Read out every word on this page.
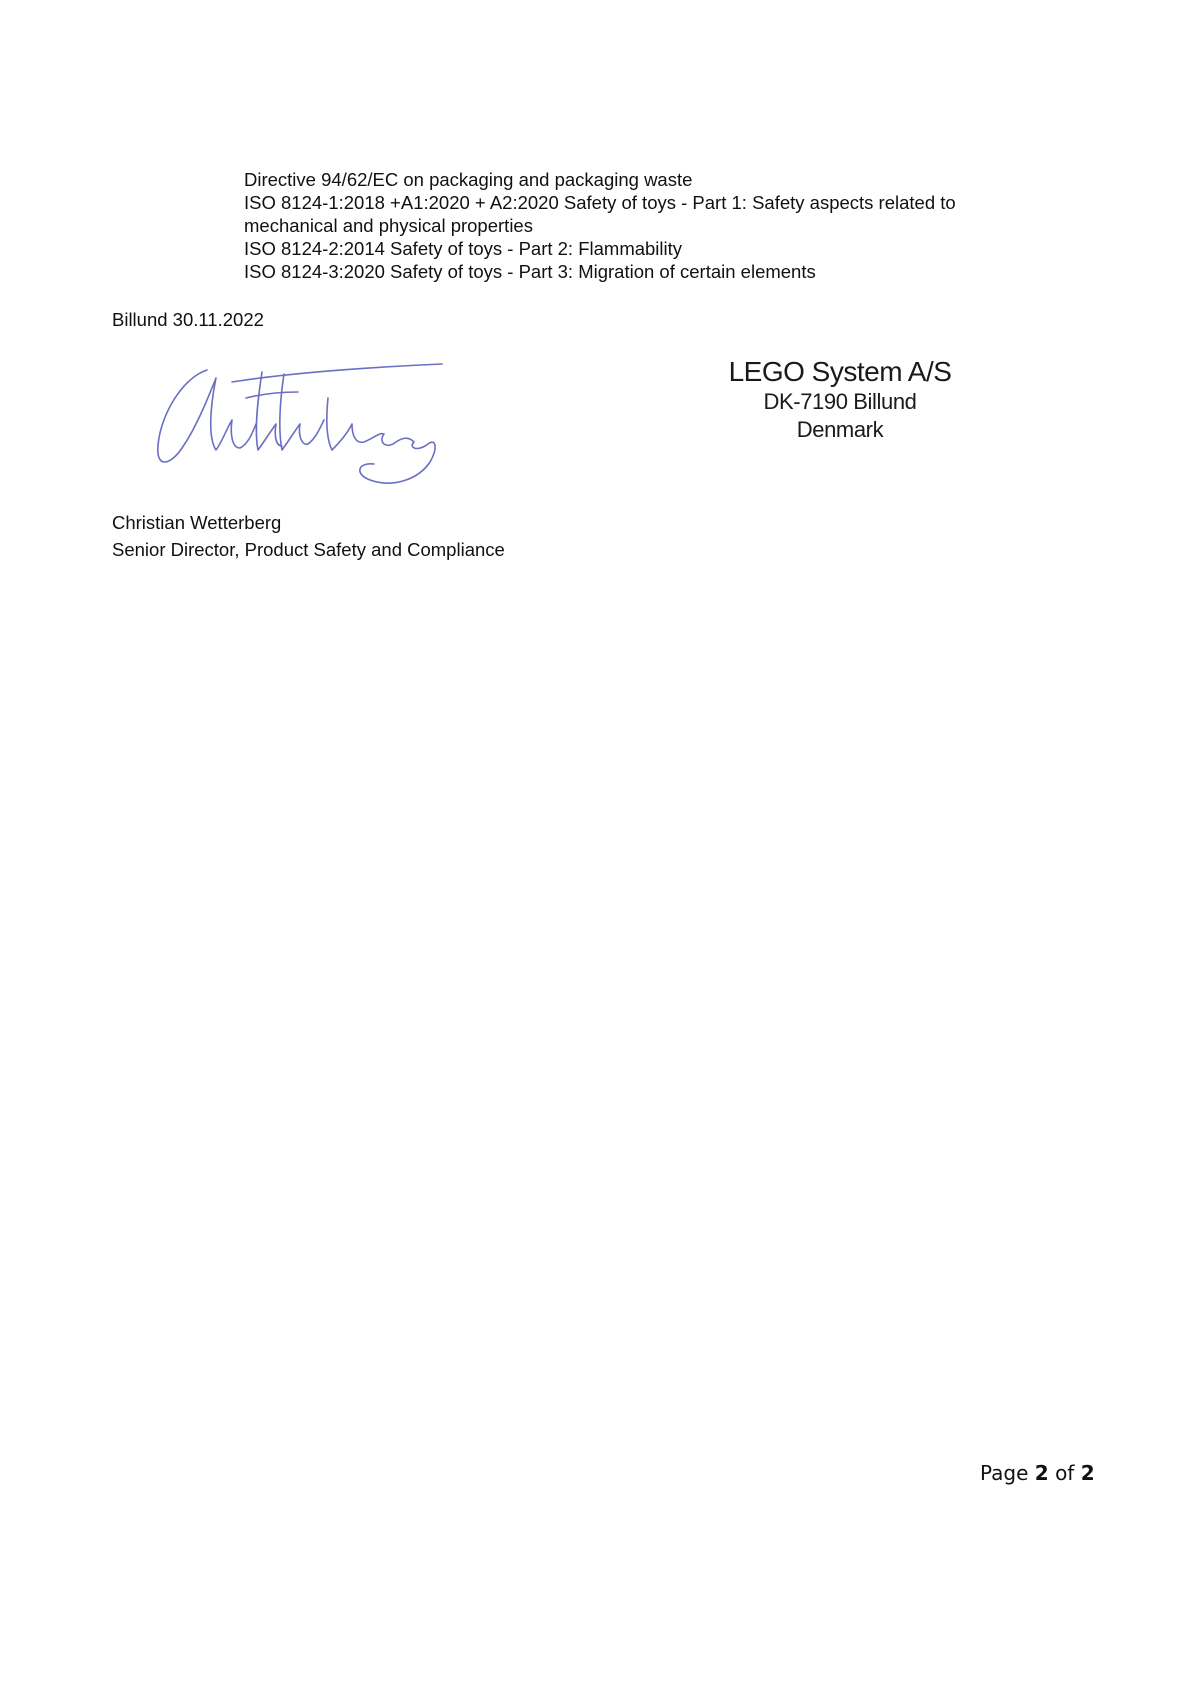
Directive 94/62/EC on packaging and packaging waste
ISO 8124-1:2018 +A1:2020 + A2:2020 Safety of toys - Part 1: Safety aspects related to mechanical and physical properties
ISO 8124-2:2014 Safety of toys - Part 2: Flammability
ISO 8124-3:2020 Safety of toys - Part 3: Migration of certain elements
Billund 30.11.2022
LEGO System A/S
DK-7190 Billund
Denmark
Christian Wetterberg
Senior Director, Product Safety and Compliance
Page 2 of 2
